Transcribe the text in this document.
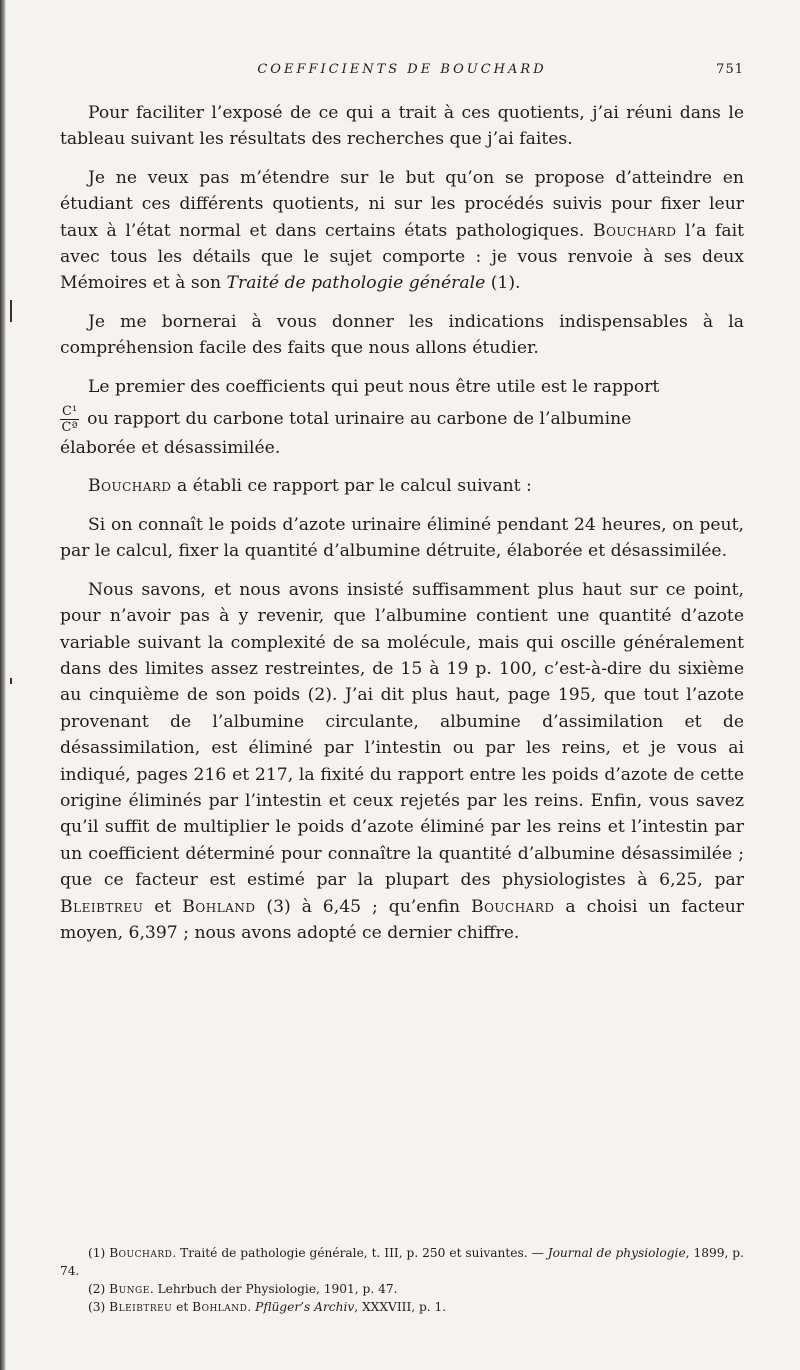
COEFFICIENTS DE BOUCHARD	751

Pour faciliter l’exposé de ce qui a trait à ces quotients, j’ai réuni dans le tableau suivant les résultats des recherches que j’ai faites.

Je ne veux pas m’étendre sur le but qu’on se propose d’atteindre en étudiant ces différents quotients, ni sur les procédés suivis pour fixer leur taux à l’état normal et dans certains états pathologiques. Bouchard l’a fait avec tous les détails que le sujet comporte : je vous renvoie à ses deux Mémoires et à son Traité de pathologie générale (1).

Je me bornerai à vous donner les indications indispensables à la compréhension facile des faits que nous allons étudier.

Le premier des coefficients qui peut nous être utile est le rapport

$\frac{\text{C¹}}{\text{Cª}}$ ou rapport du carbone total urinaire au carbone de l’albumine

élaborée et désassimilée.

Bouchard a établi ce rapport par le calcul suivant :

Si on connaît le poids d’azote urinaire éliminé pendant 24 heures, on peut, par le calcul, fixer la quantité d’albumine détruite, élaborée et désassimilée.

Nous savons, et nous avons insisté suffisamment plus haut sur ce point, pour n’avoir pas à y revenir, que l’albumine contient une quantité d’azote variable suivant la complexité de sa molécule, mais qui oscille généralement dans des limites assez restreintes, de 15 à 19 p. 100, c’est-à-dire du sixième au cinquième de son poids (2). J’ai dit plus haut, page 195, que tout l’azote provenant de l’albumine circulante, albumine d’assimilation et de désassimilation, est éliminé par l’intestin ou par les reins, et je vous ai indiqué, pages 216 et 217, la fixité du rapport entre les poids d’azote de cette origine éliminés par l’intestin et ceux rejetés par les reins. Enfin, vous savez qu’il suffit de multiplier le poids d’azote éliminé par les reins et l’intestin par un coefficient déterminé pour connaître la quantité d’albumine désassimilée ; que ce facteur est estimé par la plupart des physiologistes à 6,25, par Bleibtreu et Bohland (3) à 6,45 ; qu’enfin Bouchard a choisi un facteur moyen, 6,397 ; nous avons adopté ce dernier chiffre.

(1) Bouchard. Traité de pathologie générale, t. III, p. 250 et suivantes. — Journal de physiologie, 1899, p. 74.

(2) Bunge. Lehrbuch der Physiologie, 1901, p. 47.

(3) Bleibtreu et Bohland. Pflüger’s Archiv, XXXVIII, p. 1.
